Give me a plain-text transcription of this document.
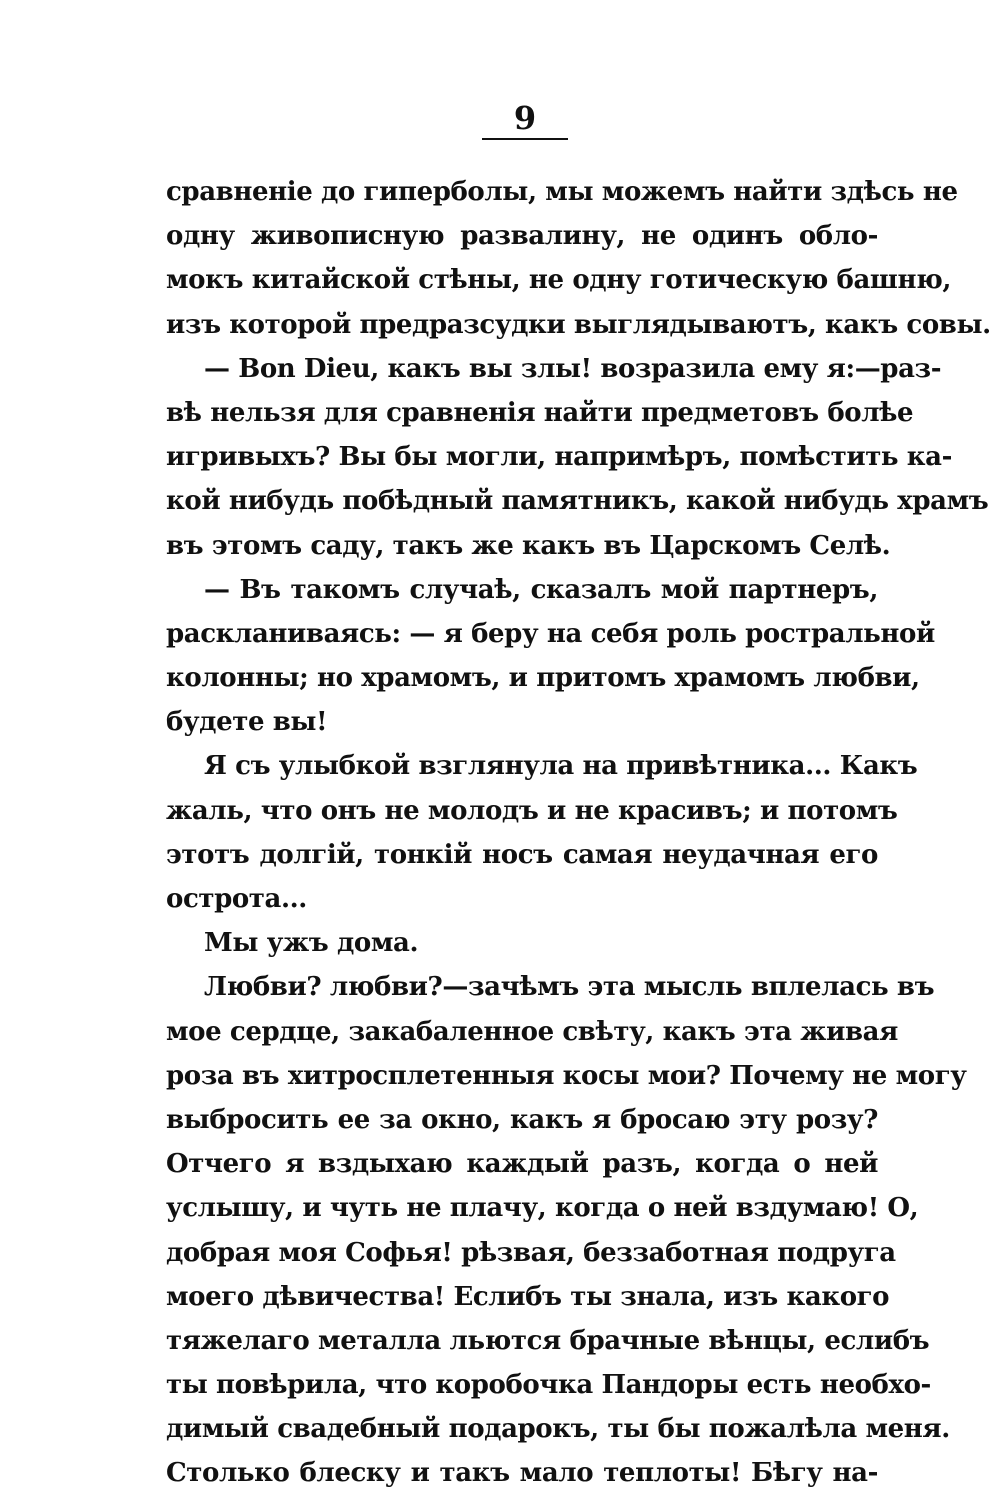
9
сравненіе до гиперболы, мы можемъ найти здѣсь не
одну живописную развалину, не одинъ обло-
мокъ китайской стѣны, не одну готическую башню,
изъ которой предразсудки выглядываютъ, какъ совы.
— Bon Dieu, какъ вы злы! возразила ему я:—раз-
вѣ нельзя для сравненія найти предметовъ болѣе
игривыхъ? Вы бы могли, напримѣръ, помѣстить ка-
кой нибудь побѣдный памятникъ, какой нибудь храмъ
въ этомъ саду, такъ же какъ въ Царскомъ Селѣ.
— Въ такомъ случаѣ, сказалъ мой партнеръ,
раскланиваясь: — я беру на себя роль ростральной
колонны; но храмомъ, и притомъ храмомъ любви,
будете вы!
Я съ улыбкой взглянула на привѣтника... Какъ
жаль, что онъ не молодъ и не красивъ; и потомъ
этотъ долгій, тонкій носъ самая неудачная его
острота...
Мы ужъ дома.
Любви? любви?—зачѣмъ эта мысль вплелась въ
мое сердце, закабаленное свѣту, какъ эта живая
роза въ хитросплетенныя косы мои? Почему не могу
выбросить ее за окно, какъ я бросаю эту розу?
Отчего я вздыхаю каждый разъ, когда о ней
услышу, и чуть не плачу, когда о ней вздумаю! О,
добрая моя Софья! рѣзвая, беззаботная подруга
моего дѣвичества! Еслибъ ты знала, изъ какого
тяжелаго металла льются брачные вѣнцы, еслибъ
ты повѣрила, что коробочка Пандоры есть необхо-
димый свадебный подарокъ, ты бы пожалѣла меня.
Столько блеску и такъ мало теплоты! Бѣгу на-
